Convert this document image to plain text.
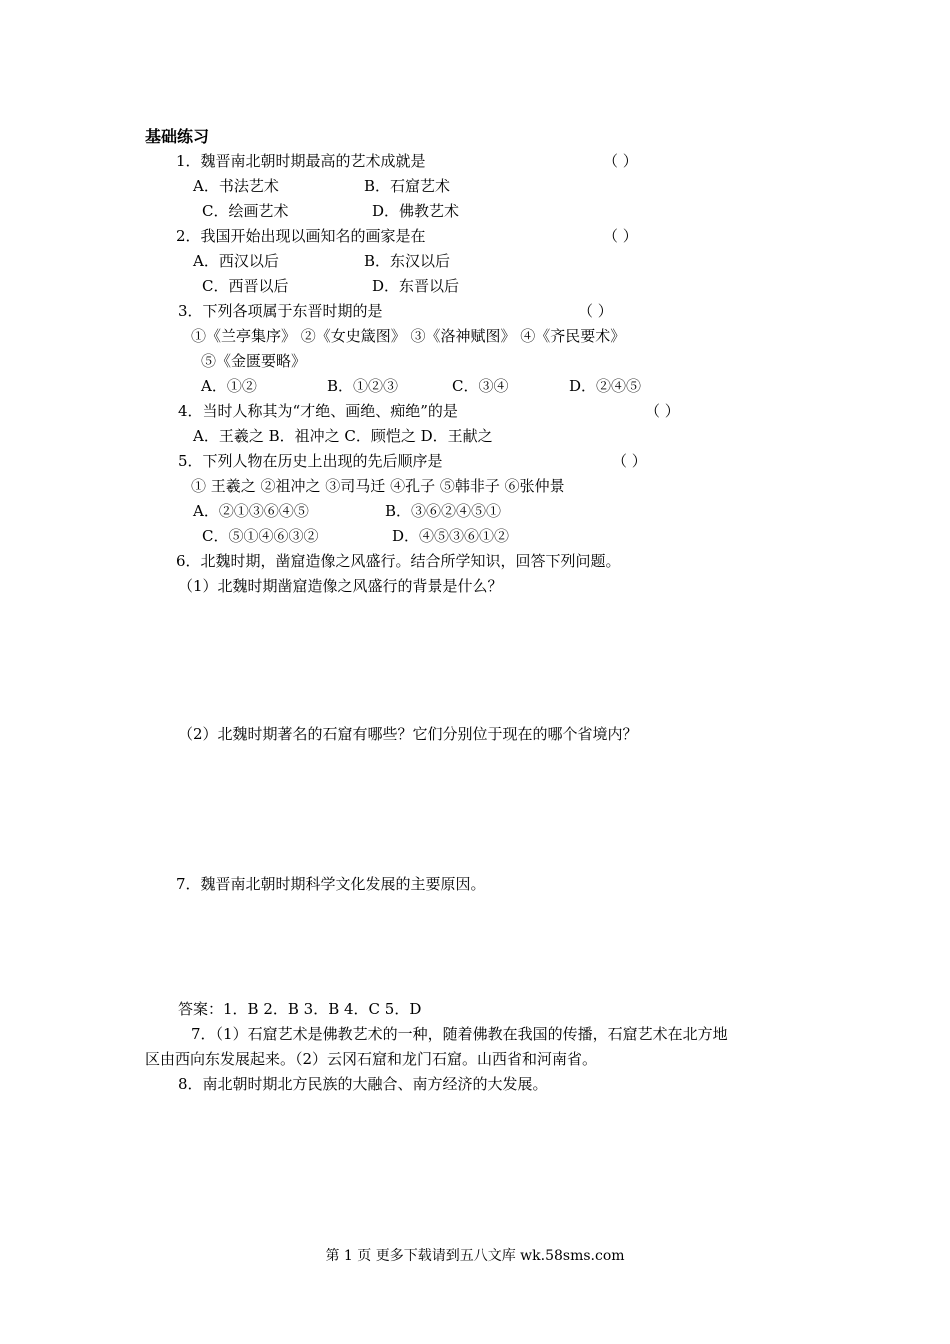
基础练习
1．魏晋南北朝时期最高的艺术成就是	（ ）
A．书法艺术	B．石窟艺术
C．绘画艺术	D．佛教艺术
2．我国开始出现以画知名的画家是在	（ ）
A．西汉以后	B．东汉以后
C．西晋以后	D．东晋以后
3．下列各项属于东晋时期的是	（ ）
①《兰亭集序》 ②《女史箴图》 ③《洛神赋图》 ④《齐民要术》
⑤《金匮要略》
A．①②	B．①②③	C．③④	D．②④⑤
4．当时人称其为“才绝、画绝、痴绝”的是	（ ）
A．王羲之 B．祖冲之 C．顾恺之 D．王献之
5．下列人物在历史上出现的先后顺序是	（ ）
① 王羲之 ②祖冲之 ③司马迁 ④孔子 ⑤韩非子 ⑥张仲景
A．②①③⑥④⑤	B．③⑥②④⑤①
C．⑤①④⑥③②	D．④⑤③⑥①②
6．北魏时期，凿窟造像之风盛行。结合所学知识，回答下列问题。
（1）北魏时期凿窟造像之风盛行的背景是什么？
（2）北魏时期著名的石窟有哪些？它们分别位于现在的哪个省境内？
7．魏晋南北朝时期科学文化发展的主要原因。
答案：1．B 2．B 3．B 4．C 5．D
7．（1）石窟艺术是佛教艺术的一种，随着佛教在我国的传播，石窟艺术在北方地
区由西向东发展起来。（2）云冈石窟和龙门石窟。山西省和河南省。
8．南北朝时期北方民族的大融合、南方经济的大发展。
第 1 页 更多下载请到五八文库 wk.58sms.com
